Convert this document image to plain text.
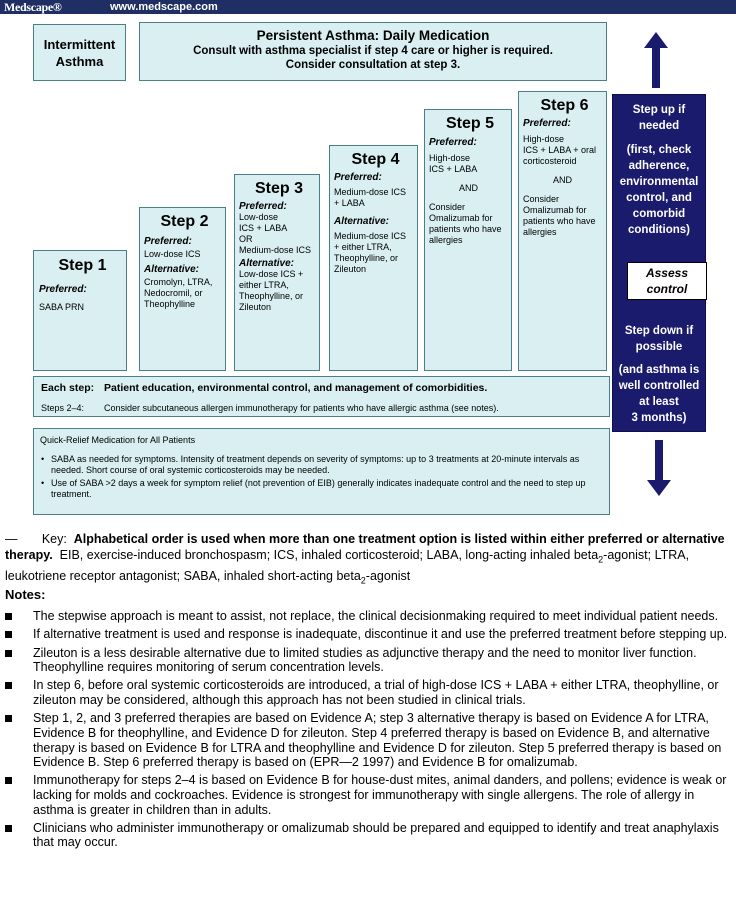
Medscape®	www.medscape.com
Intermittent
Asthma
Persistent Asthma: Daily Medication
Consult with asthma specialist if step 4 care or higher is required.
Consider consultation at step 3.
Step 1
Preferred:
SABA PRN
Step 2
Preferred:
Low-dose ICS
Alternative:
Cromolyn, LTRA,
Nedocromil, or
Theophylline
Step 3
Preferred:
Low-dose
ICS + LABA
OR
Medium-dose ICS
Alternative:
Low-dose ICS +
either LTRA,
Theophylline, or
Zileuton
Step 4
Preferred:
Medium-dose ICS
+ LABA
Alternative:
Medium-dose ICS
+ either LTRA,
Theophylline, or
Zileuton
Step 5
Preferred:
High-dose
ICS + LABA
AND
Consider
Omalizumab for
patients who have
allergies
Step 6
Preferred:
High-dose
ICS + LABA + oral
corticosteroid
AND
Consider
Omalizumab for
patients who have
allergies
Each step: Patient education, environmental control, and management of comorbidities.
Steps 2–4: Consider subcutaneous allergen immunotherapy for patients who have allergic asthma (see notes).
Quick-Relief Medication for All Patients
• SABA as needed for symptoms. Intensity of treatment depends on severity of symptoms: up to 3 treatments at 20-minute intervals as needed. Short course of oral systemic corticosteroids may be needed.
• Use of SABA >2 days a week for symptom relief (not prevention of EIB) generally indicates inadequate control and the need to step up treatment.
Step up if
needed
(first, check
adherence,
environmental
control, and
comorbid
conditions)
Assess
control
Step down if
possible
(and asthma is
well controlled
at least
3 months)
— Key: Alphabetical order is used when more than one treatment option is listed within either preferred or alternative therapy. EIB, exercise-induced bronchospasm; ICS, inhaled corticosteroid; LABA, long-acting inhaled beta$_2$-agonist; LTRA, leukotriene receptor antagonist; SABA, inhaled short-acting beta$_2$-agonist
Notes:
The stepwise approach is meant to assist, not replace, the clinical decisionmaking required to meet individual patient needs.
If alternative treatment is used and response is inadequate, discontinue it and use the preferred treatment before stepping up.
Zileuton is a less desirable alternative due to limited studies as adjunctive therapy and the need to monitor liver function. Theophylline requires monitoring of serum concentration levels.
In step 6, before oral systemic corticosteroids are introduced, a trial of high-dose ICS + LABA + either LTRA, theophylline, or zileuton may be considered, although this approach has not been studied in clinical trials.
Step 1, 2, and 3 preferred therapies are based on Evidence A; step 3 alternative therapy is based on Evidence A for LTRA, Evidence B for theophylline, and Evidence D for zileuton. Step 4 preferred therapy is based on Evidence B, and alternative therapy is based on Evidence B for LTRA and theophylline and Evidence D for zileuton. Step 5 preferred therapy is based on Evidence B. Step 6 preferred therapy is based on (EPR—2 1997) and Evidence B for omalizumab.
Immunotherapy for steps 2–4 is based on Evidence B for house-dust mites, animal danders, and pollens; evidence is weak or lacking for molds and cockroaches. Evidence is strongest for immunotherapy with single allergens. The role of allergy in asthma is greater in children than in adults.
Clinicians who administer immunotherapy or omalizumab should be prepared and equipped to identify and treat anaphylaxis that may occur.
